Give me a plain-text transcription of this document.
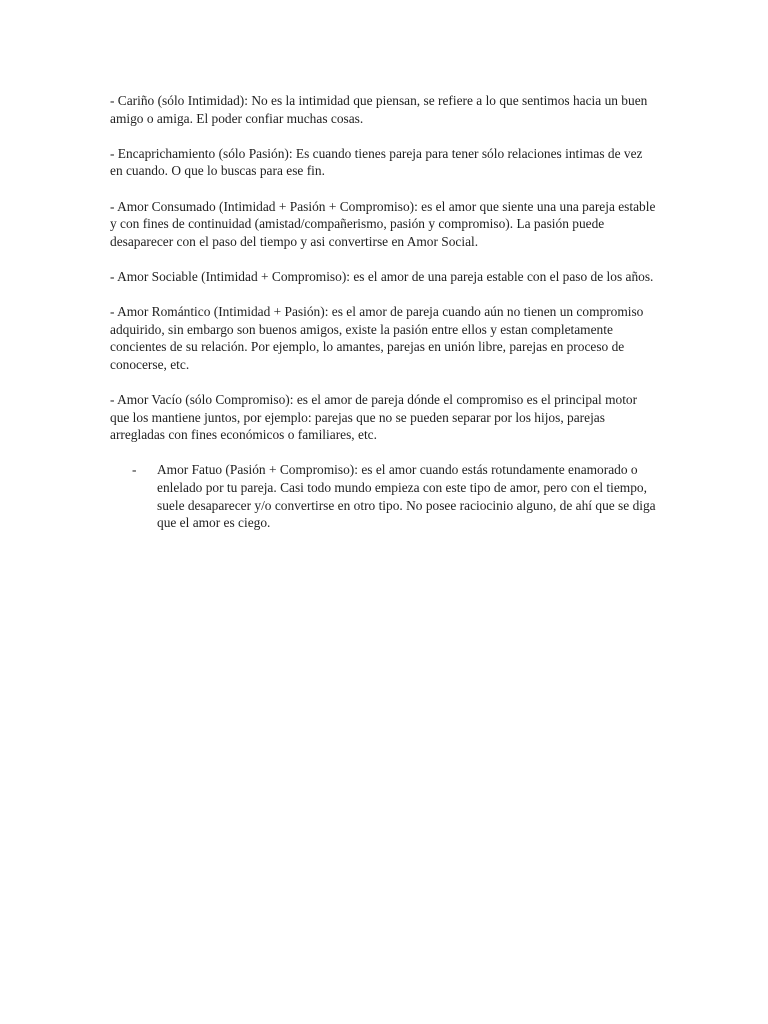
- Cariño (sólo Intimidad): No es la intimidad que piensan, se refiere a lo que sentimos hacia un buen amigo o amiga. El poder confiar muchas cosas.

- Encaprichamiento (sólo Pasión): Es cuando tienes pareja para tener sólo relaciones intimas de vez en cuando. O que lo buscas para ese fin.

- Amor Consumado (Intimidad + Pasión + Compromiso): es el amor que siente una una pareja estable y con fines de continuidad (amistad/compañerismo, pasión y compromiso). La pasión puede desaparecer con el paso del tiempo y asi convertirse en Amor Social.

- Amor Sociable (Intimidad + Compromiso): es el amor de una pareja estable con el paso de los años.

- Amor Romántico (Intimidad + Pasión): es el amor de pareja cuando aún no tienen un compromiso adquirido, sin embargo son buenos amigos, existe la pasión entre ellos y estan completamente concientes de su relación. Por ejemplo, lo amantes, parejas en unión libre, parejas en proceso de conocerse, etc.

- Amor Vacío (sólo Compromiso): es el amor de pareja dónde el compromiso es el principal motor que los mantiene juntos, por ejemplo: parejas que no se pueden separar por los hijos, parejas arregladas con fines económicos o familiares, etc.

- Amor Fatuo (Pasión + Compromiso): es el amor cuando estás rotundamente enamorado o enlelado por tu pareja. Casi todo mundo empieza con este tipo de amor, pero con el tiempo, suele desaparecer y/o convertirse en otro tipo. No posee raciocinio alguno, de ahí que se diga que el amor es ciego.
